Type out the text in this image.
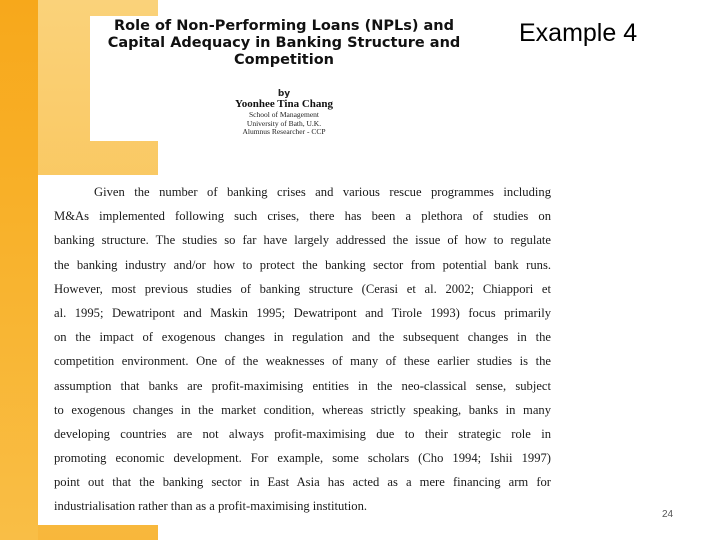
Role of Non-Performing Loans (NPLs) and
Capital Adequacy in Banking Structure and
Competition
by
Yoonhee Tina Chang
School of Management
University of Bath, U.K.
Alumnus Researcher - CCP
Example 4
Given the number of banking crises and various rescue programmes including
M&As implemented following such crises, there has been a plethora of studies on
banking structure. The studies so far have largely addressed the issue of how to regulate
the banking industry and/or how to protect the banking sector from potential bank runs.
However, most previous studies of banking structure (Cerasi et al. 2002; Chiappori et
al. 1995; Dewatripont and Maskin 1995; Dewatripont and Tirole 1993) focus primarily
on the impact of exogenous changes in regulation and the subsequent changes in the
competition environment. One of the weaknesses of many of these earlier studies is the
assumption that banks are profit-maximising entities in the neo-classical sense, subject
to exogenous changes in the market condition, whereas strictly speaking, banks in many
developing countries are not always profit-maximising due to their strategic role in
promoting economic development. For example, some scholars (Cho 1994; Ishii 1997)
point out that the banking sector in East Asia has acted as a mere financing arm for
industrialisation rather than as a profit-maximising institution.
24
